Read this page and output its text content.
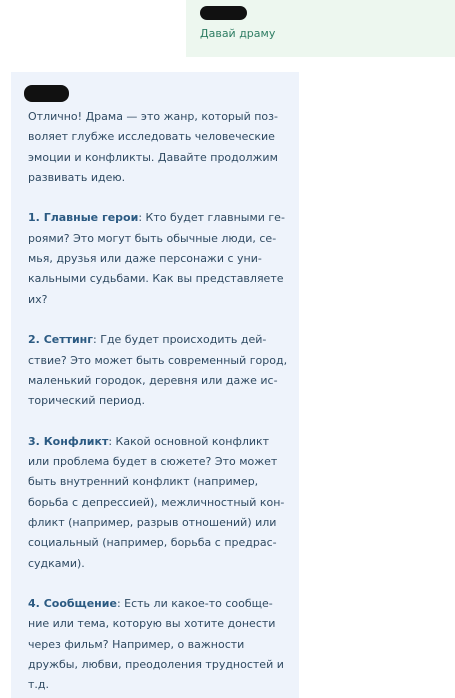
Давай драму

Отлично! Драма — это жанр, который поз-

воляет глубже исследовать человеческие

эмоции и конфликты. Давайте продолжим

развивать идею.

1. Главные герои: Кто будет главными ге-

роями? Это могут быть обычные люди, се-

мья, друзья или даже персонажи с уни-

кальными судьбами. Как вы представляете

их?

2. Сеттинг: Где будет происходить дей-

ствие? Это может быть современный город,

маленький городок, деревня или даже ис-

торический период.

3. Конфликт: Какой основной конфликт

или проблема будет в сюжете? Это может

быть внутренний конфликт (например,

борьба с депрессией), межличностный кон-

фликт (например, разрыв отношений) или

социальный (например, борьба с предрас-

судками).

4. Сообщение: Есть ли какое-то сообще-

ние или тема, которую вы хотите донести

через фильм? Например, о важности

дружбы, любви, преодоления трудностей и

т.д.
